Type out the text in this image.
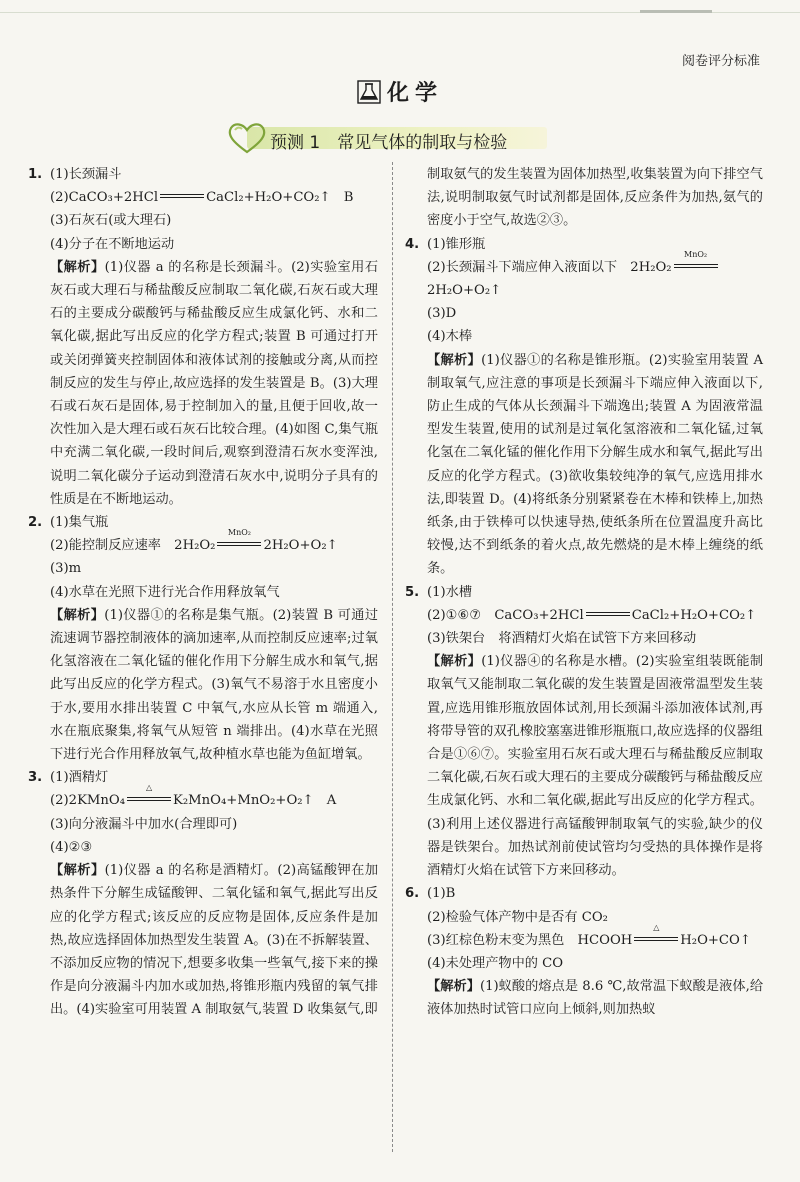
阅卷评分标准
化学
预测 1　常见气体的制取与检验
1. (1)长颈漏斗
(2)CaCO₃+2HCl	CaCl₂+H₂O+CO₂↑　B
(3)石灰石(或大理石)
(4)分子在不断地运动
【解析】(1)仪器 a 的名称是长颈漏斗。(2)实验室用石灰石或大理石与稀盐酸反应制取二氧化碳,石灰石或大理石的主要成分碳酸钙与稀盐酸反应生成氯化钙、水和二氧化碳,据此写出反应的化学方程式;装置 B 可通过打开或关闭弹簧夹控制固体和液体试剂的接触或分离,从而控制反应的发生与停止,故应选择的发生装置是 B。(3)大理石或石灰石是固体,易于控制加入的量,且便于回收,故一次性加入是大理石或石灰石比较合理。(4)如图 C,集气瓶中充满二氧化碳,一段时间后,观察到澄清石灰水变浑浊,说明二氧化碳分子运动到澄清石灰水中,说明分子具有的性质是在不断地运动。
2. (1)集气瓶
(2)能控制反应速率　2H₂O₂
MnO₂
2H₂O+O₂↑
(3)m
(4)水草在光照下进行光合作用释放氧气
【解析】(1)仪器①的名称是集气瓶。(2)装置 B 可通过流速调节器控制液体的滴加速率,从而控制反应速率;过氧化氢溶液在二氧化锰的催化作用下分解生成水和氧气,据此写出反应的化学方程式。(3)氧气不易溶于水且密度小于水,要用水排出装置 C 中氧气,水应从长管 m 端通入,水在瓶底聚集,将氧气从短管 n 端排出。(4)水草在光照下进行光合作用释放氧气,故种植水草也能为鱼缸增氧。
3. (1)酒精灯
(2)2KMnO₄
△
K₂MnO₄+MnO₂+O₂↑　A
(3)向分液漏斗中加水(合理即可)
(4)②③
【解析】(1)仪器 a 的名称是酒精灯。(2)高锰酸钾在加热条件下分解生成锰酸钾、二氧化锰和氧气,据此写出反应的化学方程式;该反应的反应物是固体,反应条件是加热,故应选择固体加热型发生装置 A。(3)在不拆解装置、不添加反应物的情况下,想要多收集一些氧气,接下来的操作是向分液漏斗内加水或加热,将锥形瓶内残留的氧气排出。(4)实验室可用装置 A 制取氨气,装置 D 收集氨气,即
制取氨气的发生装置为固体加热型,收集装置为向下排空气法,说明制取氨气时试剂都是固体,反应条件为加热,氨气的密度小于空气,故选②③。
4. (1)锥形瓶
(2)长颈漏斗下端应伸入液面以下　2H₂O₂
MnO₂
2H₂O+O₂↑
(3)D
(4)木棒
【解析】(1)仪器①的名称是锥形瓶。(2)实验室用装置 A 制取氧气,应注意的事项是长颈漏斗下端应伸入液面以下,防止生成的气体从长颈漏斗下端逸出;装置 A 为固液常温型发生装置,使用的试剂是过氧化氢溶液和二氧化锰,过氧化氢在二氧化锰的催化作用下分解生成水和氧气,据此写出反应的化学方程式。(3)欲收集较纯净的氧气,应选用排水法,即装置 D。(4)将纸条分别紧紧卷在木棒和铁棒上,加热纸条,由于铁棒可以快速导热,使纸条所在位置温度升高比较慢,达不到纸条的着火点,故先燃烧的是木棒上缠绕的纸条。
5. (1)水槽
(2)①⑥⑦　CaCO₃+2HCl	CaCl₂+H₂O+CO₂↑
(3)铁架台　将酒精灯火焰在试管下方来回移动
【解析】(1)仪器④的名称是水槽。(2)实验室组装既能制取氧气又能制取二氧化碳的发生装置是固液常温型发生装置,应选用锥形瓶放固体试剂,用长颈漏斗添加液体试剂,再将带导管的双孔橡胶塞塞进锥形瓶瓶口,故应选择的仪器组合是①⑥⑦。实验室用石灰石或大理石与稀盐酸反应制取二氧化碳,石灰石或大理石的主要成分碳酸钙与稀盐酸反应生成氯化钙、水和二氧化碳,据此写出反应的化学方程式。(3)利用上述仪器进行高锰酸钾制取氧气的实验,缺少的仪器是铁架台。加热试剂前使试管均匀受热的具体操作是将酒精灯火焰在试管下方来回移动。
6. (1)B
(2)检验气体产物中是否有 CO₂
(3)红棕色粉末变为黑色　HCOOH
△
H₂O+CO↑
(4)未处理产物中的 CO
【解析】(1)蚁酸的熔点是 8.6 ℃,故常温下蚁酸是液体,给液体加热时试管口应向上倾斜,则加热蚁
